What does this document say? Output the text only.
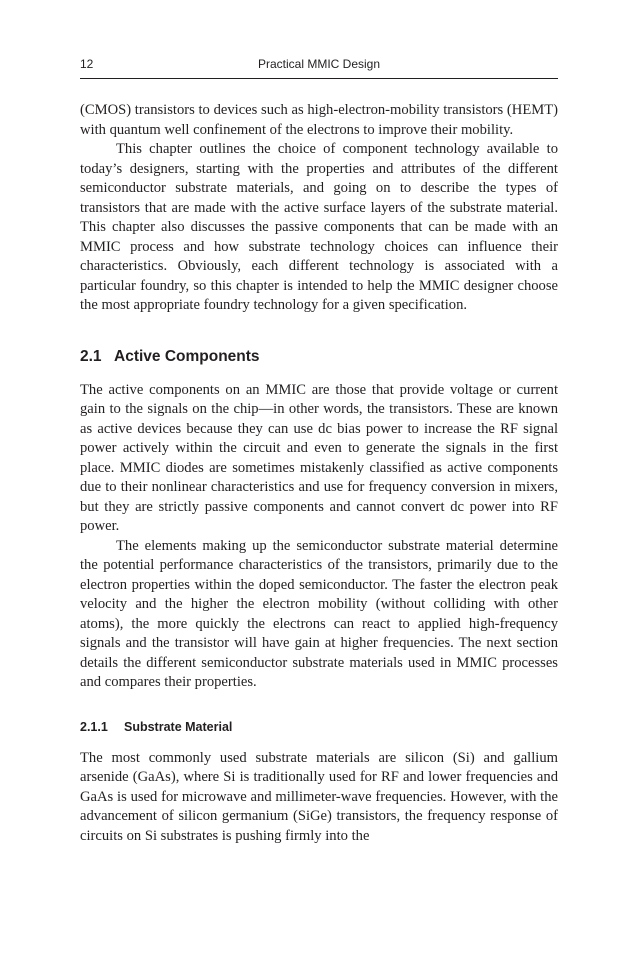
12	Practical MMIC Design

(CMOS) transistors to devices such as high-electron-mobility transistors (HEMT) with quantum well confinement of the electrons to improve their mobility.

This chapter outlines the choice of component technology available to today’s designers, starting with the properties and attributes of the different semiconductor substrate materials, and going on to describe the types of transistors that are made with the active surface layers of the substrate material. This chapter also discusses the passive components that can be made with an MMIC process and how substrate technology choices can influence their characteristics. Obviously, each different technology is associated with a particular foundry, so this chapter is intended to help the MMIC designer choose the most appropriate foundry technology for a given specification.

2.1 Active Components

The active components on an MMIC are those that provide voltage or current gain to the signals on the chip—in other words, the transistors. These are known as active devices because they can use dc bias power to increase the RF signal power actively within the circuit and even to generate the signals in the first place. MMIC diodes are sometimes mistakenly classified as active components due to their nonlinear characteristics and use for frequency conversion in mixers, but they are strictly passive components and cannot convert dc power into RF power.

The elements making up the semiconductor substrate material determine the potential performance characteristics of the transistors, primarily due to the electron properties within the doped semiconductor. The faster the electron peak velocity and the higher the electron mobility (without colliding with other atoms), the more quickly the electrons can react to applied high-frequency signals and the transistor will have gain at higher frequencies. The next section details the different semiconductor substrate materials used in MMIC processes and compares their properties.

2.1.1	Substrate Material

The most commonly used substrate materials are silicon (Si) and gallium arsenide (GaAs), where Si is traditionally used for RF and lower frequencies and GaAs is used for microwave and millimeter-wave frequencies. However, with the advancement of silicon germanium (SiGe) transistors, the frequency response of circuits on Si substrates is pushing firmly into the
